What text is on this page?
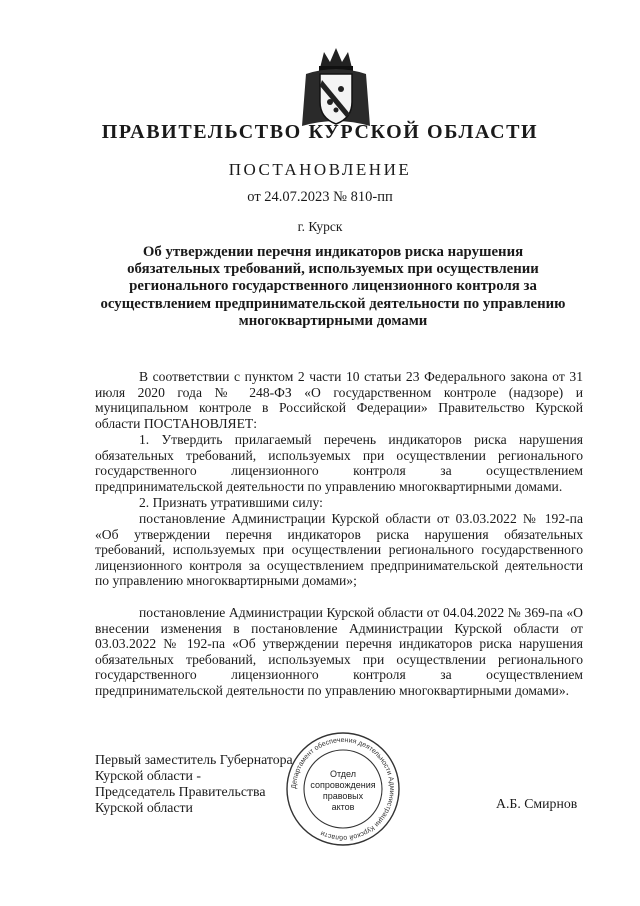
ПРАВИТЕЛЬСТВО КУРСКОЙ ОБЛАСТИ
ПОСТАНОВЛЕНИЕ
от 24.07.2023 № 810-пп
г. Курск
Об утверждении перечня индикаторов риска нарушения обязательных требований, используемых при осуществлении регионального государственного лицензионного контроля за осуществлением предпринимательской деятельности по управлению многоквартирными домами

В соответствии с пунктом 2 части 10 статьи 23 Федерального закона от 31 июля 2020 года № 248-ФЗ «О государственном контроле (надзоре) и муниципальном контроле в Российской Федерации» Правительство Курской области ПОСТАНОВЛЯЕТ:

1. Утвердить прилагаемый перечень индикаторов риска нарушения обязательных требований, используемых при осуществлении регионального государственного лицензионного контроля за осуществлением предпринимательской деятельности по управлению многоквартирными домами.

2. Признать утратившими силу:

постановление Администрации Курской области от 03.03.2022 № 192-па «Об утверждении перечня индикаторов риска нарушения обязательных требований, используемых при осуществлении регионального государственного лицензионного контроля за осуществлением предпринимательской деятельности по управлению многоквартирными домами»;

постановление Администрации Курской области от 04.04.2022 № 369-па «О внесении изменения в постановление Администрации Курской области от 03.03.2022 № 192-па «Об утверждении перечня индикаторов риска нарушения обязательных требований, используемых при осуществлении регионального государственного лицензионного контроля за осуществлением предпринимательской деятельности по управлению многоквартирными домами».

Первый заместитель Губернатора
Курской области -
Председатель Правительства
Курской области	А.Б. Смирнов
Департамент обеспечения деятельности Администрации Курской области
Отдел
сопровождения
правовых
актов
